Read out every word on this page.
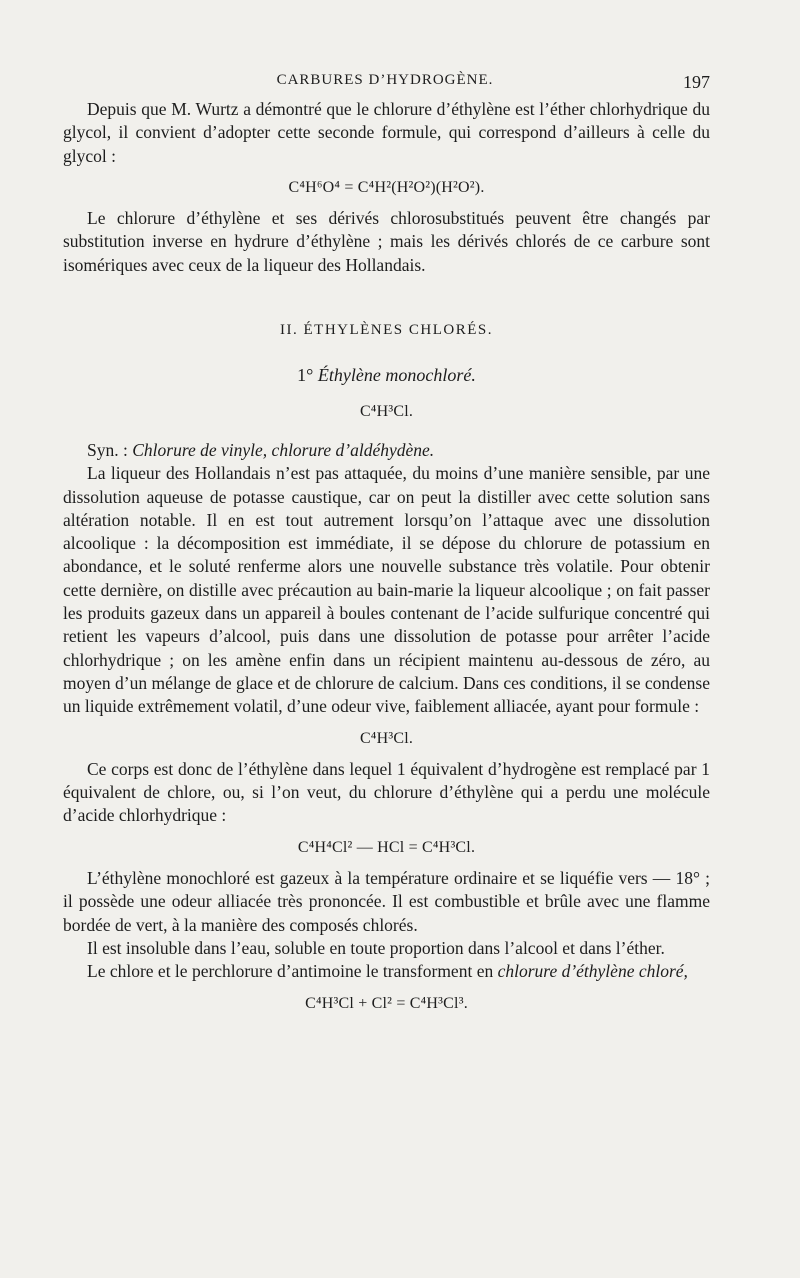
CARBURES D’HYDROGÈNE.	197

Depuis que M. Wurtz a démontré que le chlorure d’éthylène est l’éther chlorhydrique du glycol, il convient d’adopter cette seconde formule, qui correspond d’ailleurs à celle du glycol :

C⁴H⁶O⁴ = C⁴H²(H²O²)(H²O²).

Le chlorure d’éthylène et ses dérivés chlorosubstitués peuvent être changés par substitution inverse en hydrure d’éthylène ; mais les dérivés chlorés de ce carbure sont isomériques avec ceux de la liqueur des Hollandais.

II. ÉTHYLÈNES CHLORÉS.
1° Éthylène monochloré.
C⁴H³Cl.

Syn. : Chlorure de vinyle, chlorure d’aldéhydène.

La liqueur des Hollandais n’est pas attaquée, du moins d’une manière sensible, par une dissolution aqueuse de potasse caustique, car on peut la distiller avec cette solution sans altération notable. Il en est tout autrement lorsqu’on l’attaque avec une dissolution alcoolique : la décomposition est immédiate, il se dépose du chlorure de potassium en abondance, et le soluté renferme alors une nouvelle substance très volatile. Pour obtenir cette dernière, on distille avec précaution au bain-marie la liqueur alcoolique ; on fait passer les produits gazeux dans un appareil à boules contenant de l’acide sulfurique concentré qui retient les vapeurs d’alcool, puis dans une dissolution de potasse pour arrêter l’acide chlorhydrique ; on les amène enfin dans un récipient maintenu au-dessous de zéro, au moyen d’un mélange de glace et de chlorure de calcium. Dans ces conditions, il se condense un liquide extrêmement volatil, d’une odeur vive, faiblement alliacée, ayant pour formule :

C⁴H³Cl.

Ce corps est donc de l’éthylène dans lequel 1 équivalent d’hydrogène est remplacé par 1 équivalent de chlore, ou, si l’on veut, du chlorure d’éthylène qui a perdu une molécule d’acide chlorhydrique :

C⁴H⁴Cl² — HCl = C⁴H³Cl.

L’éthylène monochloré est gazeux à la température ordinaire et se liquéfie vers — 18° ; il possède une odeur alliacée très prononcée. Il est combustible et brûle avec une flamme bordée de vert, à la manière des composés chlorés.

Il est insoluble dans l’eau, soluble en toute proportion dans l’alcool et dans l’éther.

Le chlore et le perchlorure d’antimoine le transforment en chlorure d’éthylène chloré,

C⁴H³Cl + Cl² = C⁴H³Cl³.
